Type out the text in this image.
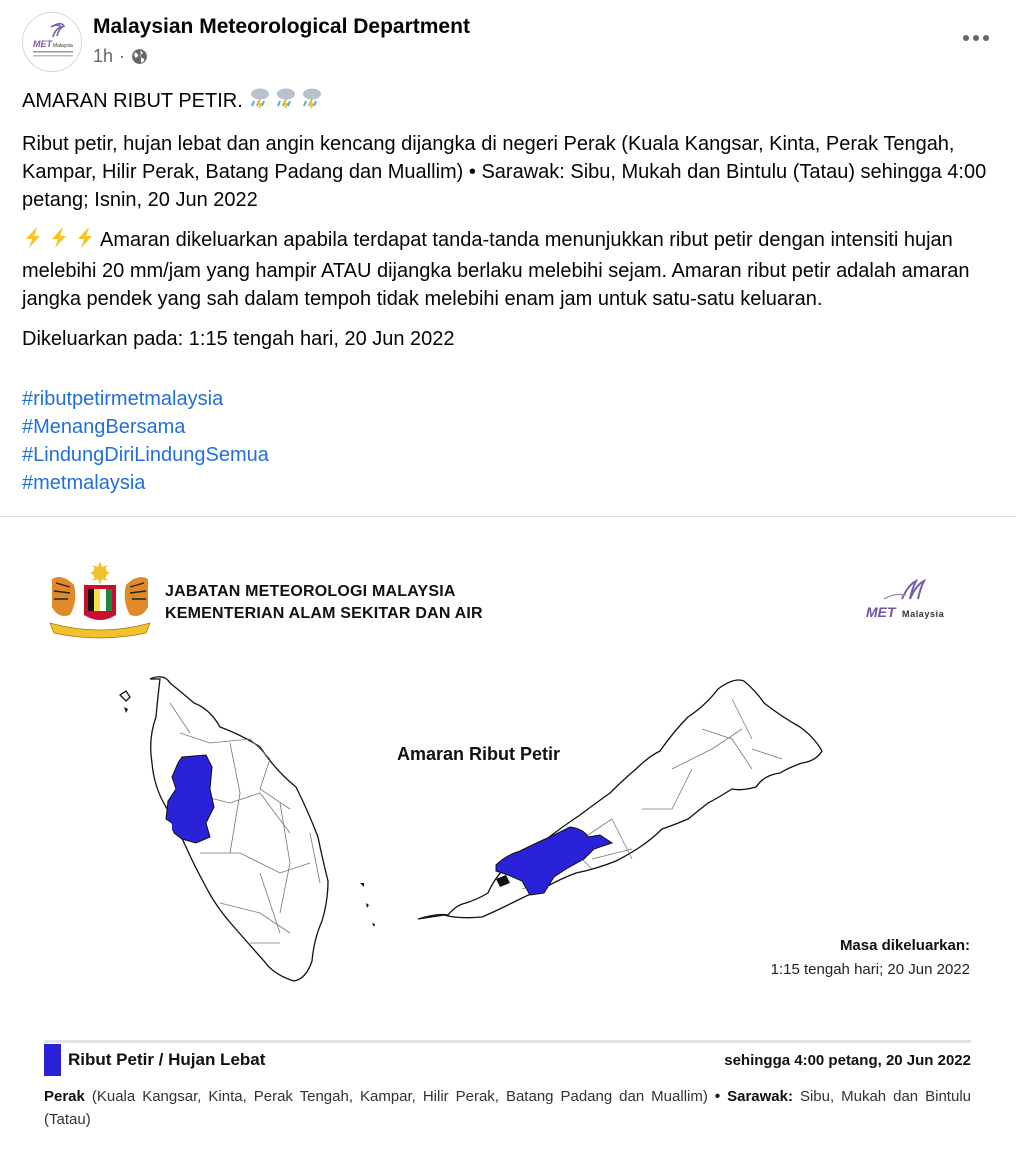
MET Malaysia
Malaysian Meteorological Department
1h ·

AMARAN RIBUT PETIR.

Ribut petir, hujan lebat dan angin kencang dijangka di negeri Perak (Kuala Kangsar, Kinta, Perak Tengah, Kampar, Hilir Perak, Batang Padang dan Muallim) • Sarawak: Sibu, Mukah dan Bintulu (Tatau) sehingga 4:00 petang; Isnin, 20 Jun 2022

Amaran dikeluarkan apabila terdapat tanda-tanda menunjukkan ribut petir dengan intensiti hujan melebihi 20 mm/jam yang hampir ATAU dijangka berlaku melebihi sejam. Amaran ribut petir adalah amaran jangka pendek yang sah dalam tempoh tidak melebihi enam jam untuk satu-satu keluaran.

Dikeluarkan pada: 1:15 tengah hari, 20 Jun 2022

#ributpetirmetmalaysia
#MenangBersama
#LindungDiriLindungSemua
#metmalaysia
JABATAN METEOROLOGI MALAYSIA
KEMENTERIAN ALAM SEKITAR DAN AIR	MET Malaysia
Amaran Ribut Petir
Masa dikeluarkan:
1:15 tengah hari; 20 Jun 2022
Ribut Petir / Hujan Lebat	sehingga 4:00 petang, 20 Jun 2022
Perak (Kuala Kangsar, Kinta, Perak Tengah, Kampar, Hilir Perak, Batang Padang dan Muallim) • Sarawak: Sibu, Mukah dan Bintulu (Tatau)
